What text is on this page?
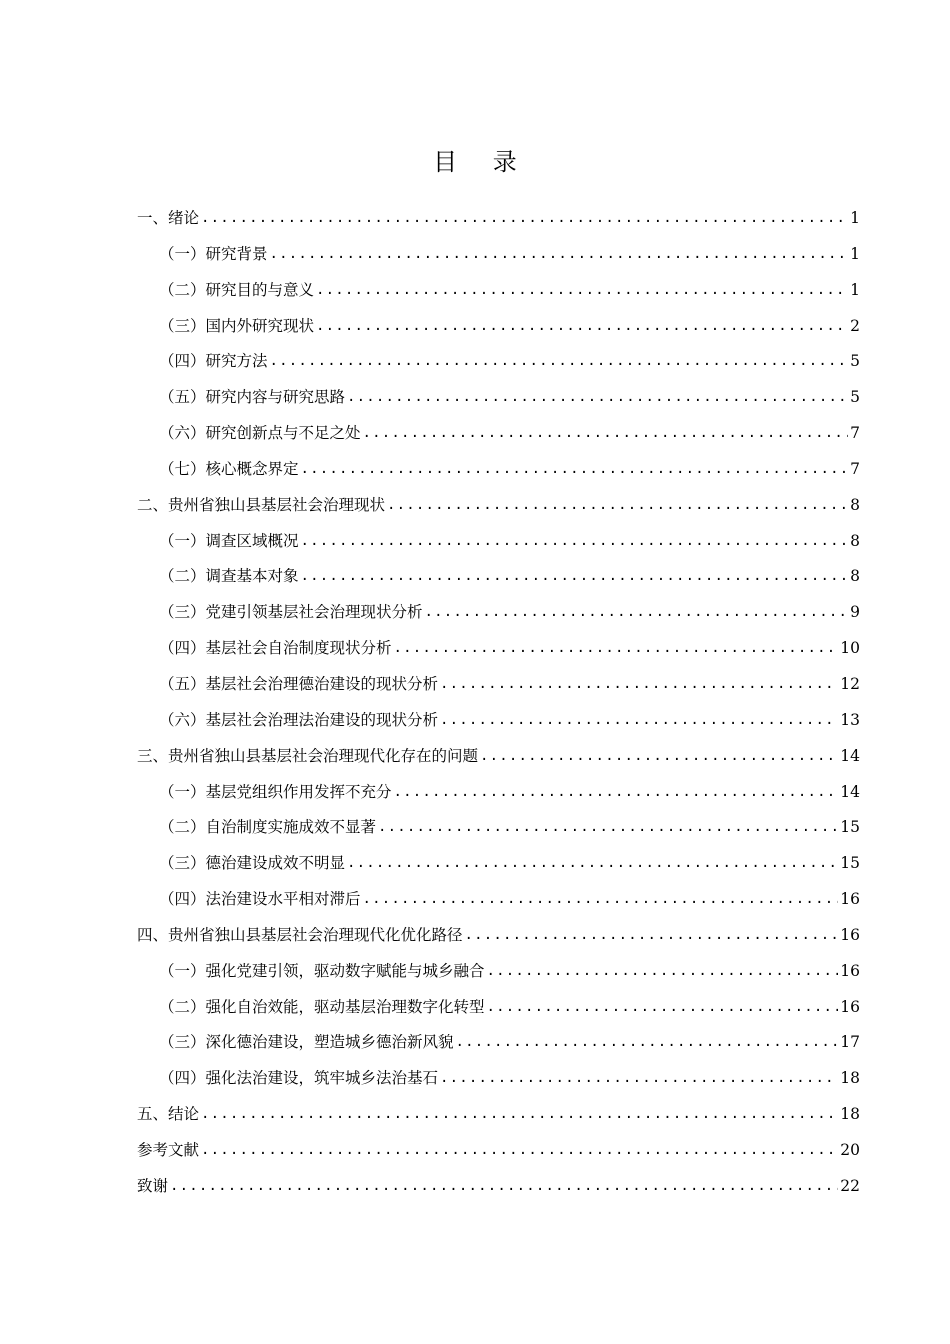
目 录
一、绪论 .....	1
（一）研究背景 .....	1
（二）研究目的与意义 .....	1
（三）国内外研究现状 .....	2
（四）研究方法 .....	5
（五）研究内容与研究思路 .....	5
（六）研究创新点与不足之处 .....	7
（七）核心概念界定 .....	7
二、贵州省独山县基层社会治理现状 .....	8
（一）调查区域概况 .....	8
（二）调查基本对象 .....	8
（三）党建引领基层社会治理现状分析 .....	9
（四）基层社会自治制度现状分析 .....	10
（五）基层社会治理德治建设的现状分析 .....	12
（六）基层社会治理法治建设的现状分析 .....	13
三、贵州省独山县基层社会治理现代化存在的问题 .....	14
（一）基层党组织作用发挥不充分 .....	14
（二）自治制度实施成效不显著 .....	15
（三）德治建设成效不明显 .....	15
（四）法治建设水平相对滞后 .....	16
四、贵州省独山县基层社会治理现代化优化路径 .....	16
（一）强化党建引领，驱动数字赋能与城乡融合 .....	16
（二）强化自治效能，驱动基层治理数字化转型 .....	16
（三）深化德治建设，塑造城乡德治新风貌 .....	17
（四）强化法治建设，筑牢城乡法治基石 .....	18
五、结论 .....	18
参考文献 .....	20
致谢 .....	22
